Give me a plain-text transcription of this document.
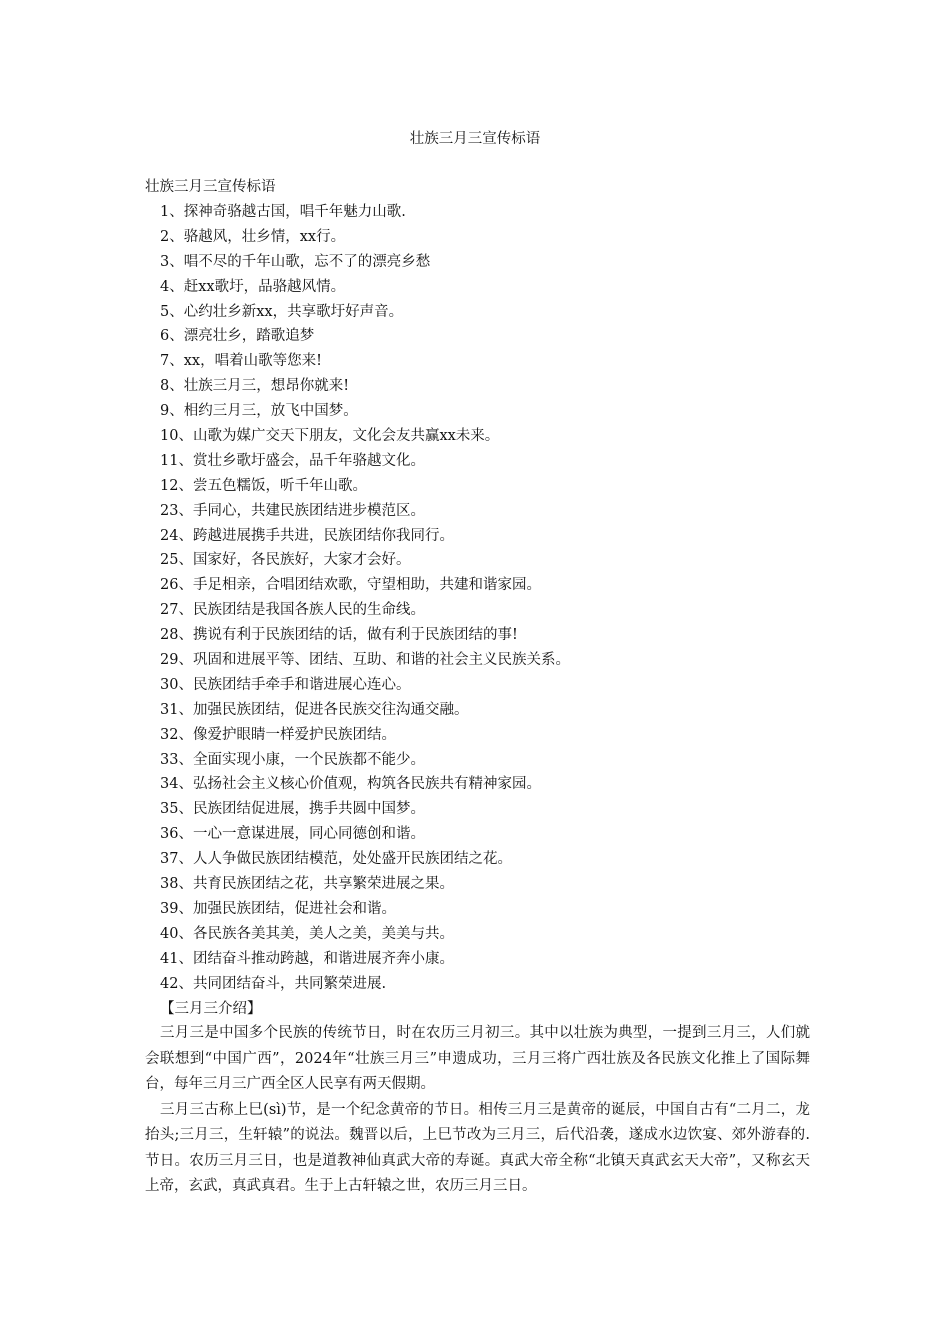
壮族三月三宣传标语
壮族三月三宣传标语
1、探神奇骆越古国，唱千年魅力山歌.
2、骆越风，壮乡情，xx行。
3、唱不尽的千年山歌，忘不了的漂亮乡愁
4、赶xx歌圩，品骆越风情。
5、心约壮乡新xx，共享歌圩好声音。
6、漂亮壮乡，踏歌追梦
7、xx，唱着山歌等您来!
8、壮族三月三，想昂你就来!
9、相约三月三，放飞中国梦。
10、山歌为媒广交天下朋友，文化会友共赢xx未来。
11、赏壮乡歌圩盛会，品千年骆越文化。
12、尝五色糯饭，听千年山歌。
23、手同心，共建民族团结进步模范区。
24、跨越进展携手共进，民族团结你我同行。
25、国家好，各民族好，大家才会好。
26、手足相亲，合唱团结欢歌，守望相助，共建和谐家园。
27、民族团结是我国各族人民的生命线。
28、携说有利于民族团结的话，做有利于民族团结的事!
29、巩固和进展平等、团结、互助、和谐的社会主义民族关系。
30、民族团结手牵手和谐进展心连心。
31、加强民族团结，促进各民族交往沟通交融。
32、像爱护眼睛一样爱护民族团结。
33、全面实现小康，一个民族都不能少。
34、弘扬社会主义核心价值观，构筑各民族共有精神家园。
35、民族团结促进展，携手共圆中国梦。
36、一心一意谋进展，同心同德创和谐。
37、人人争做民族团结模范，处处盛开民族团结之花。
38、共育民族团结之花，共享繁荣进展之果。
39、加强民族团结，促进社会和谐。
40、各民族各美其美，美人之美，美美与共。
41、团结奋斗推动跨越，和谐进展齐奔小康。
42、共同团结奋斗，共同繁荣进展.
【三月三介绍】

三月三是中国多个民族的传统节日，时在农历三月初三。其中以壮族为典型，一提到三月三，人们就会联想到“中国广西”，2024年“壮族三月三”申遗成功，三月三将广西壮族及各民族文化推上了国际舞台，每年三月三广西全区人民享有两天假期。

三月三古称上巳(sì)节，是一个纪念黄帝的节日。相传三月三是黄帝的诞辰，中国自古有“二月二，龙抬头;三月三，生轩辕”的说法。魏晋以后，上巳节改为三月三，后代沿袭，遂成水边饮宴、郊外游春的.节日。农历三月三日，也是道教神仙真武大帝的寿诞。真武大帝全称“北镇天真武玄天大帝”，又称玄天上帝，玄武，真武真君。生于上古轩辕之世，农历三月三日。
